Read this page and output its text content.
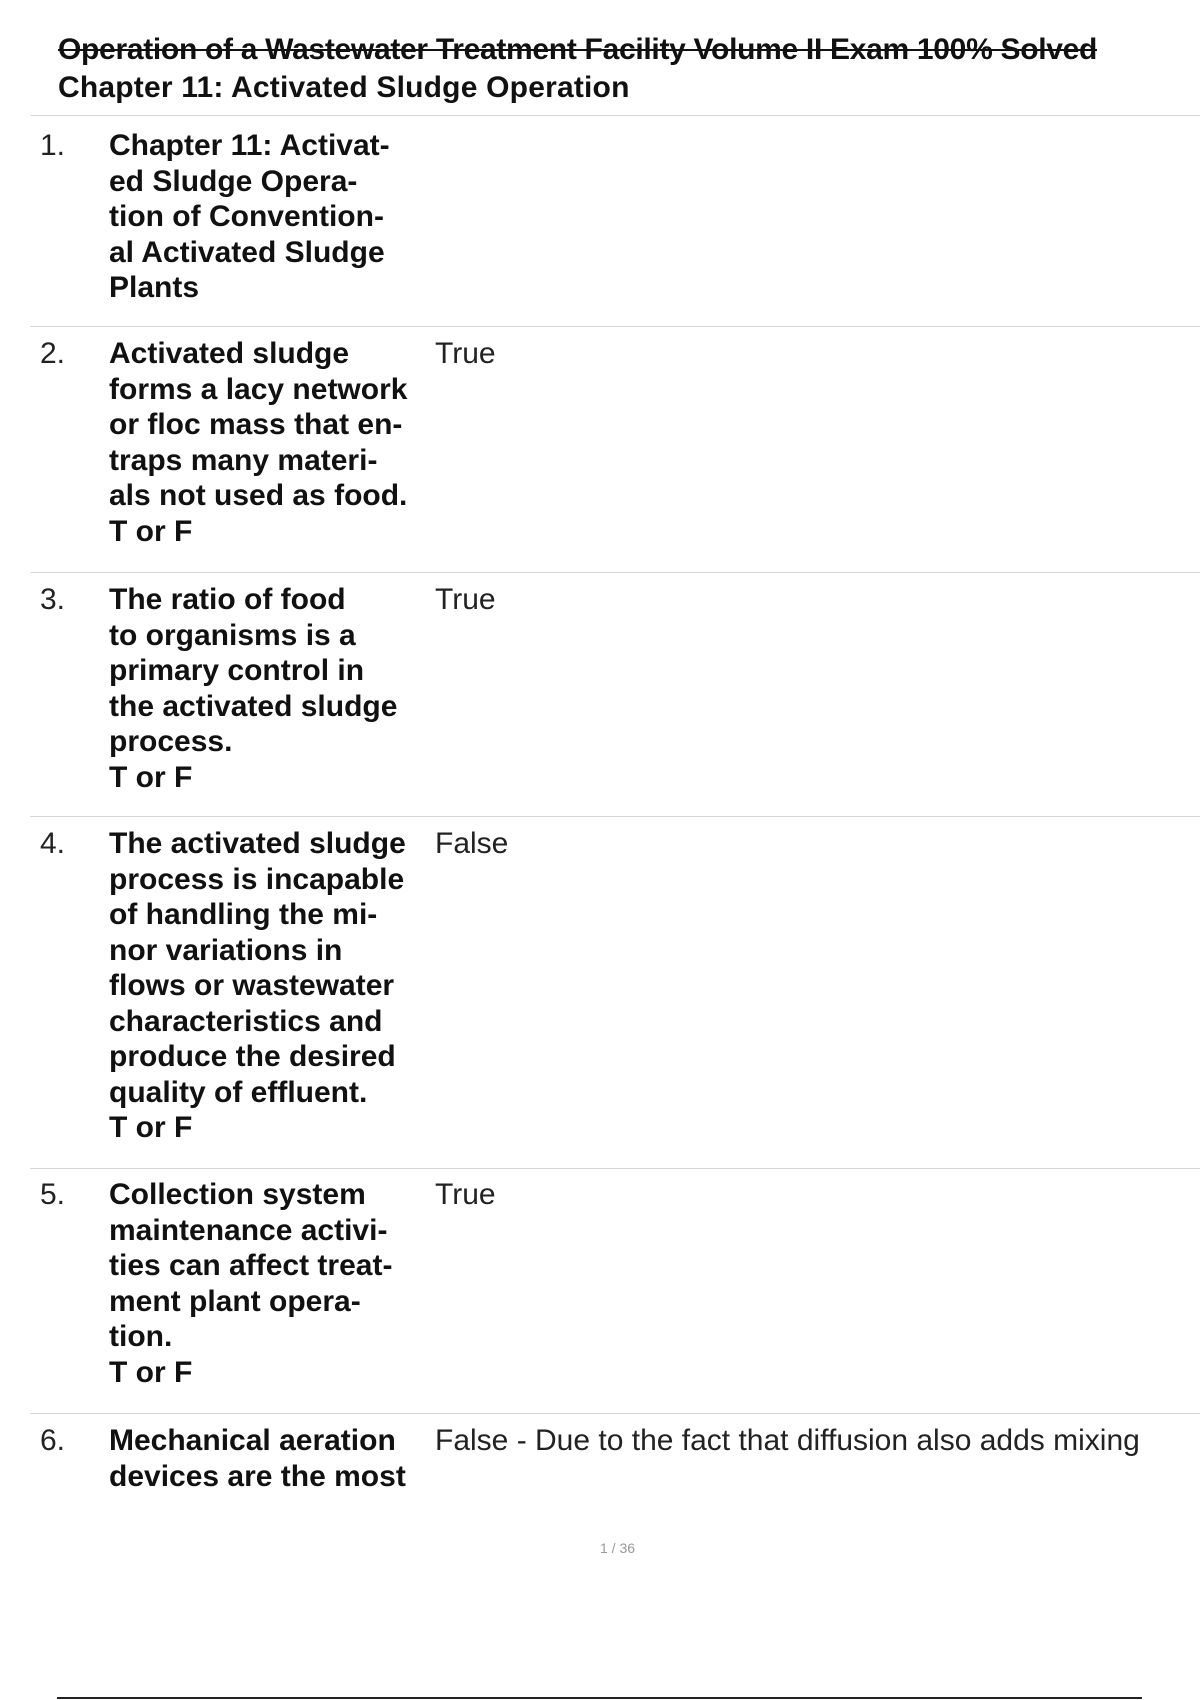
Operation of a Wastewater Treatment Facility Volume II Exam 100% Solved
Chapter 11: Activated Sludge Operation
1. Chapter 11: Activat-
ed Sludge Opera-
tion of Convention-
al Activated Sludge
Plants
2. Activated sludge
forms a lacy network
or floc mass that en-
traps many materi-
als not used as food.
T or F
True
3. The ratio of food
to organisms is a
primary control in
the activated sludge
process.
T or F
True
4. The activated sludge
process is incapable
of handling the mi-
nor variations in
flows or wastewater
characteristics and
produce the desired
quality of effluent.
T or F
False
5. Collection system
maintenance activi-
ties can affect treat-
ment plant opera-
tion.
T or F
True
6. Mechanical aeration
devices are the most
False - Due to the fact that diffusion also adds mixing
1 / 36
